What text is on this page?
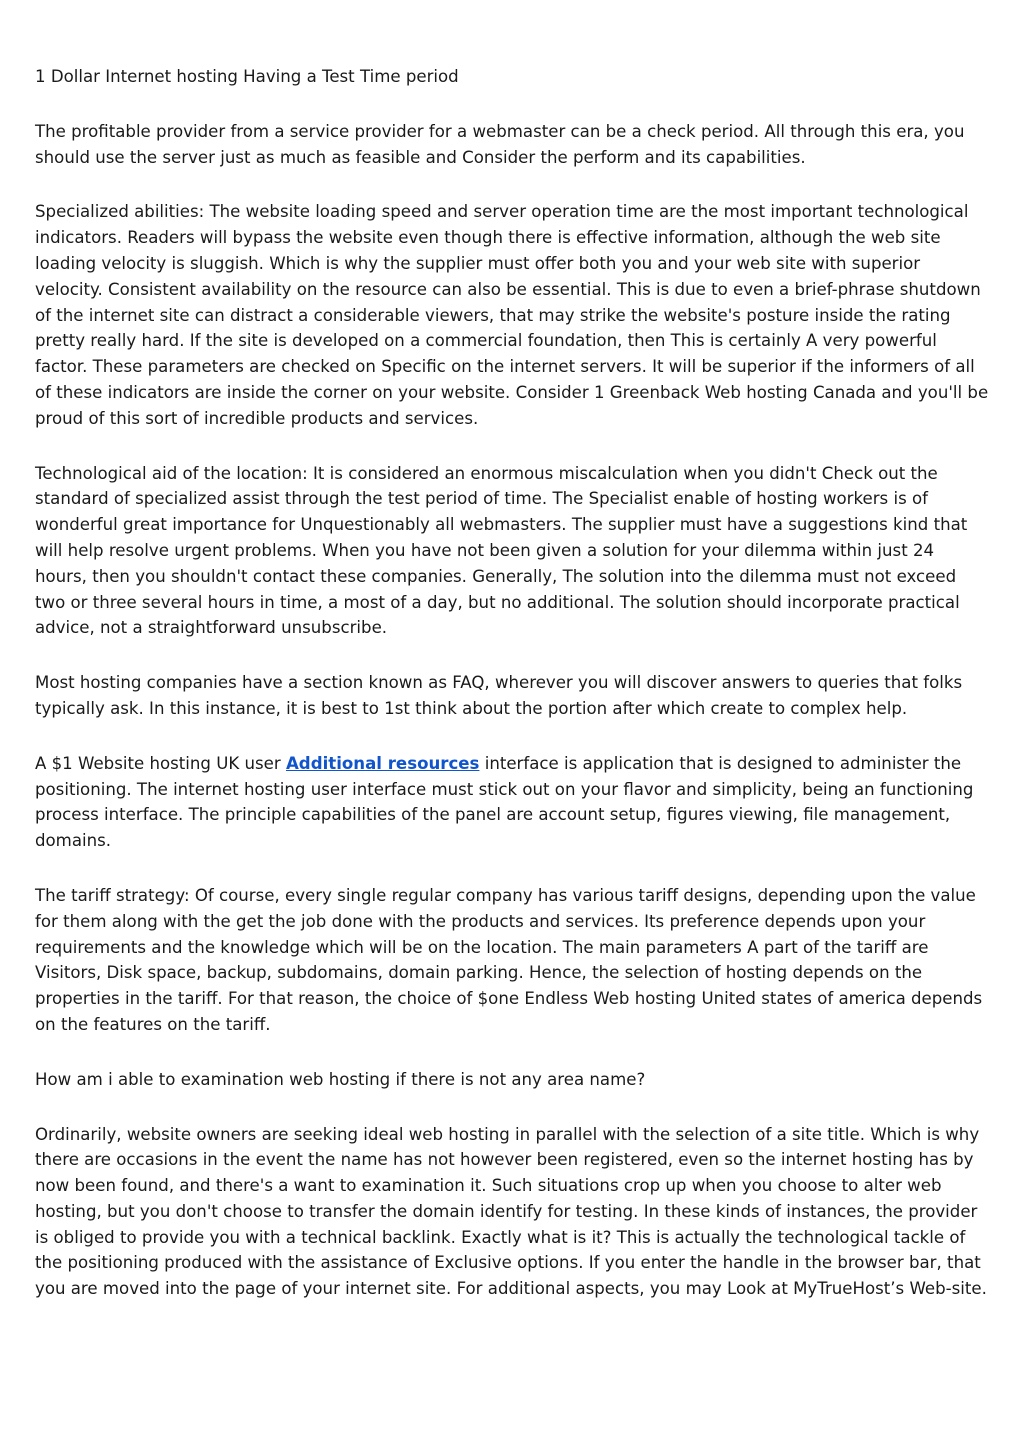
1 Dollar Internet hosting Having a Test Time period

The profitable provider from a service provider for a webmaster can be a check period. All through this era, you should use the server just as much as feasible and Consider the perform and its capabilities.

Specialized abilities: The website loading speed and server operation time are the most important technological indicators. Readers will bypass the website even though there is effective information, although the web site loading velocity is sluggish. Which is why the supplier must offer both you and your web site with superior velocity. Consistent availability on the resource can also be essential. This is due to even a brief-phrase shutdown of the internet site can distract a considerable viewers, that may strike the website's posture inside the rating pretty really hard. If the site is developed on a commercial foundation, then This is certainly A very powerful factor. These parameters are checked on Specific on the internet servers. It will be superior if the informers of all of these indicators are inside the corner on your website. Consider 1 Greenback Web hosting Canada and you'll be proud of this sort of incredible products and services.

Technological aid of the location: It is considered an enormous miscalculation when you didn't Check out the standard of specialized assist through the test period of time. The Specialist enable of hosting workers is of wonderful great importance for Unquestionably all webmasters. The supplier must have a suggestions kind that will help resolve urgent problems. When you have not been given a solution for your dilemma within just 24 hours, then you shouldn't contact these companies. Generally, The solution into the dilemma must not exceed two or three several hours in time, a most of a day, but no additional. The solution should incorporate practical advice, not a straightforward unsubscribe.

Most hosting companies have a section known as FAQ, wherever you will discover answers to queries that folks typically ask. In this instance, it is best to 1st think about the portion after which create to complex help.

A $1 Website hosting UK user Additional resources interface is application that is designed to administer the positioning. The internet hosting user interface must stick out on your flavor and simplicity, being an functioning process interface. The principle capabilities of the panel are account setup, figures viewing, file management, domains.

The tariff strategy: Of course, every single regular company has various tariff designs, depending upon the value for them along with the get the job done with the products and services. Its preference depends upon your requirements and the knowledge which will be on the location. The main parameters A part of the tariff are Visitors, Disk space, backup, subdomains, domain parking. Hence, the selection of hosting depends on the properties in the tariff. For that reason, the choice of $one Endless Web hosting United states of america depends on the features on the tariff.

How am i able to examination web hosting if there is not any area name?

Ordinarily, website owners are seeking ideal web hosting in parallel with the selection of a site title. Which is why there are occasions in the event the name has not however been registered, even so the internet hosting has by now been found, and there's a want to examination it. Such situations crop up when you choose to alter web hosting, but you don't choose to transfer the domain identify for testing. In these kinds of instances, the provider is obliged to provide you with a technical backlink. Exactly what is it? This is actually the technological tackle of the positioning produced with the assistance of Exclusive options. If you enter the handle in the browser bar, that you are moved into the page of your internet site. For additional aspects, you may Look at MyTrueHost’s Web-site.
